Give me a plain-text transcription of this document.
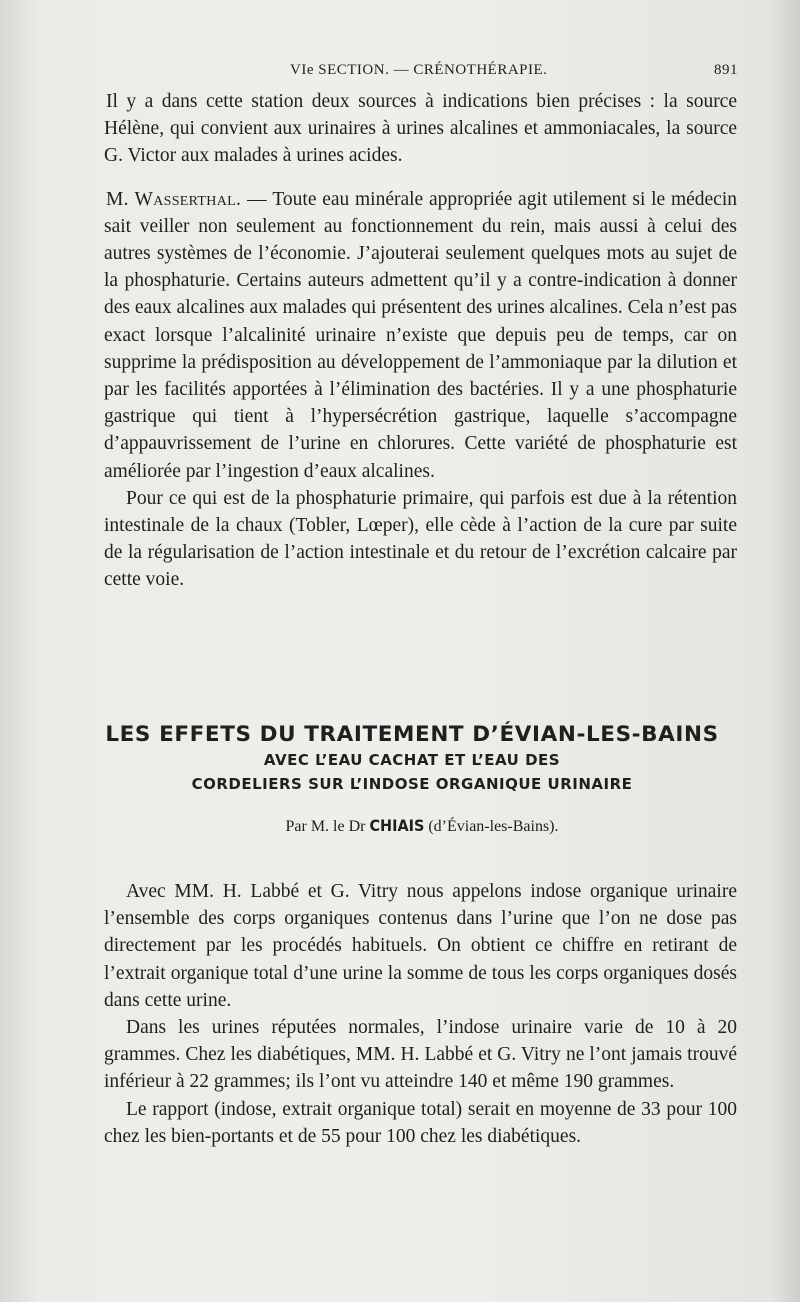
VIe SECTION. — CRÉNOTHÉRAPIE.	891

Il y a dans cette station deux sources à indications bien précises : la source Hélène, qui convient aux urinaires à urines alcalines et ammoniacales, la source G. Victor aux malades à urines acides.

M. Wasserthal. — Toute eau minérale appropriée agit utilement si le médecin sait veiller non seulement au fonctionnement du rein, mais aussi à celui des autres systèmes de l’économie. J’ajouterai seulement quelques mots au sujet de la phosphaturie. Certains auteurs admettent qu’il y a contre-indication à donner des eaux alcalines aux malades qui présentent des urines alcalines. Cela n’est pas exact lorsque l’alcalinité urinaire n’existe que depuis peu de temps, car on supprime la prédisposition au développement de l’ammoniaque par la dilution et par les facilités apportées à l’élimination des bactéries. Il y a une phosphaturie gastrique qui tient à l’hypersécrétion gastrique, laquelle s’accompagne d’appauvrissement de l’urine en chlorures. Cette variété de phosphaturie est améliorée par l’ingestion d’eaux alcalines.

Pour ce qui est de la phosphaturie primaire, qui parfois est due à la rétention intestinale de la chaux (Tobler, Lœper), elle cède à l’action de la cure par suite de la régularisation de l’action intestinale et du retour de l’excrétion calcaire par cette voie.

LES EFFETS DU TRAITEMENT D’ÉVIAN-LES-BAINS
AVEC L’EAU CACHAT ET L’EAU DES
CORDELIERS SUR L’INDOSE ORGANIQUE URINAIRE
Par M. le Dr CHIAIS (d’Évian-les-Bains).

Avec MM. H. Labbé et G. Vitry nous appelons indose organique urinaire l’ensemble des corps organiques contenus dans l’urine que l’on ne dose pas directement par les procédés habituels. On obtient ce chiffre en retirant de l’extrait organique total d’une urine la somme de tous les corps organiques dosés dans cette urine.

Dans les urines réputées normales, l’indose urinaire varie de 10 à 20 grammes. Chez les diabétiques, MM. H. Labbé et G. Vitry ne l’ont jamais trouvé inférieur à 22 grammes; ils l’ont vu atteindre 140 et même 190 grammes.

Le rapport (indose, extrait organique total) serait en moyenne de 33 pour 100 chez les bien-portants et de 55 pour 100 chez les diabétiques.
